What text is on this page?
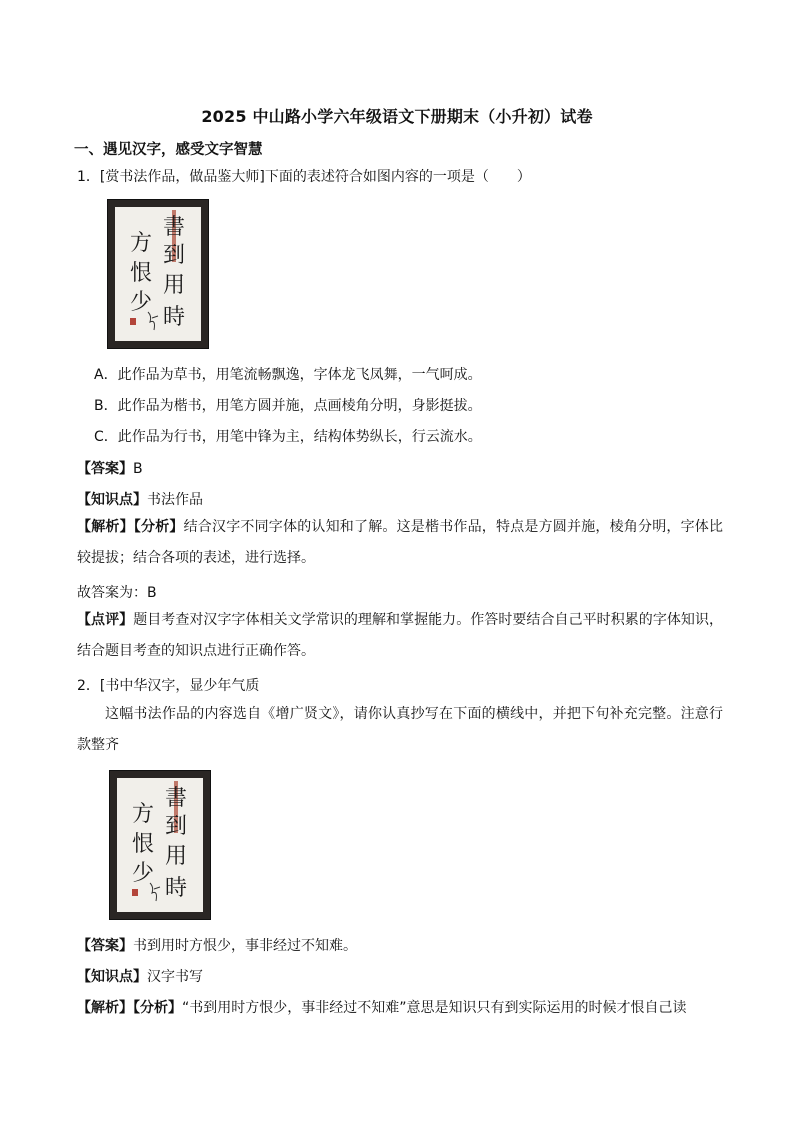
2025 中山路小学六年级语文下册期末（小升初）试卷
一、遇见汉字，感受文字智慧
1．[赏书法作品，做品鉴大师]下面的表述符合如图内容的一项是（　　）
書
到
用
時
方
恨
少
A．此作品为草书，用笔流畅飘逸，字体龙飞凤舞，一气呵成。
B．此作品为楷书，用笔方圆并施，点画棱角分明，身影挺拔。
C．此作品为行书，用笔中锋为主，结构体势纵长，行云流水。
【答案】B
【知识点】书法作品
【解析】【分析】结合汉字不同字体的认知和了解。这是楷书作品，特点是方圆并施，棱角分明，字体比较提拔；结合各项的表述，进行选择。
故答案为：B
【点评】题目考查对汉字字体相关文学常识的理解和掌握能力。作答时要结合自己平时积累的字体知识，结合题目考查的知识点进行正确作答。
2．[书中华汉字，显少年气质
这幅书法作品的内容选自《增广贤文》，请你认真抄写在下面的横线中，并把下句补充完整。注意行款整齐
書
到
用
時
方
恨
少
【答案】书到用时方恨少，事非经过不知难。
【知识点】汉字书写
【解析】【分析】“书到用时方恨少，事非经过不知难”意思是知识只有到实际运用的时候才恨自己读
